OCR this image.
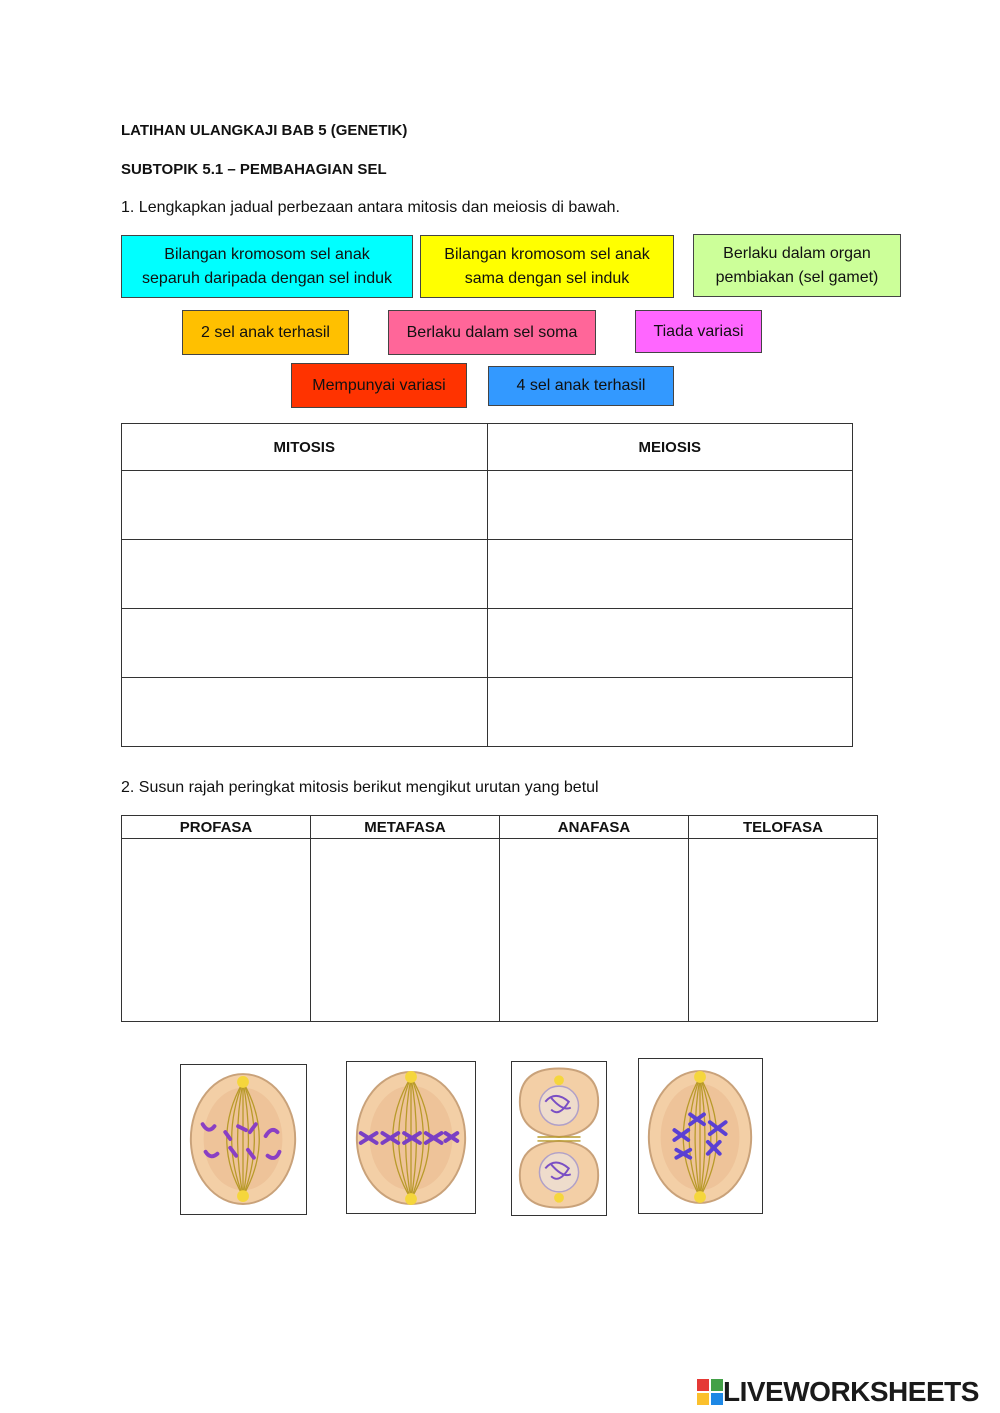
LATIHAN ULANGKAJI BAB 5 (GENETIK)
SUBTOPIK 5.1 – PEMBAHAGIAN SEL
1. Lengkapkan jadual perbezaan antara mitosis dan meiosis di bawah.
Bilangan kromosom sel anak
separuh daripada dengan sel induk
Bilangan kromosom sel anak
sama dengan sel induk
Berlaku dalam organ
pembiakan (sel gamet)
2 sel anak terhasil	Berlaku dalam sel soma	Tiada variasi
Mempunyai variasi	4 sel anak terhasil
MITOSIS	MEIOSIS

2. Susun rajah peringkat mitosis berikut mengikut urutan yang betul
PROFASA	METAFASA	ANAFASA	TELOFASA

LIVEWORKSHEETS
